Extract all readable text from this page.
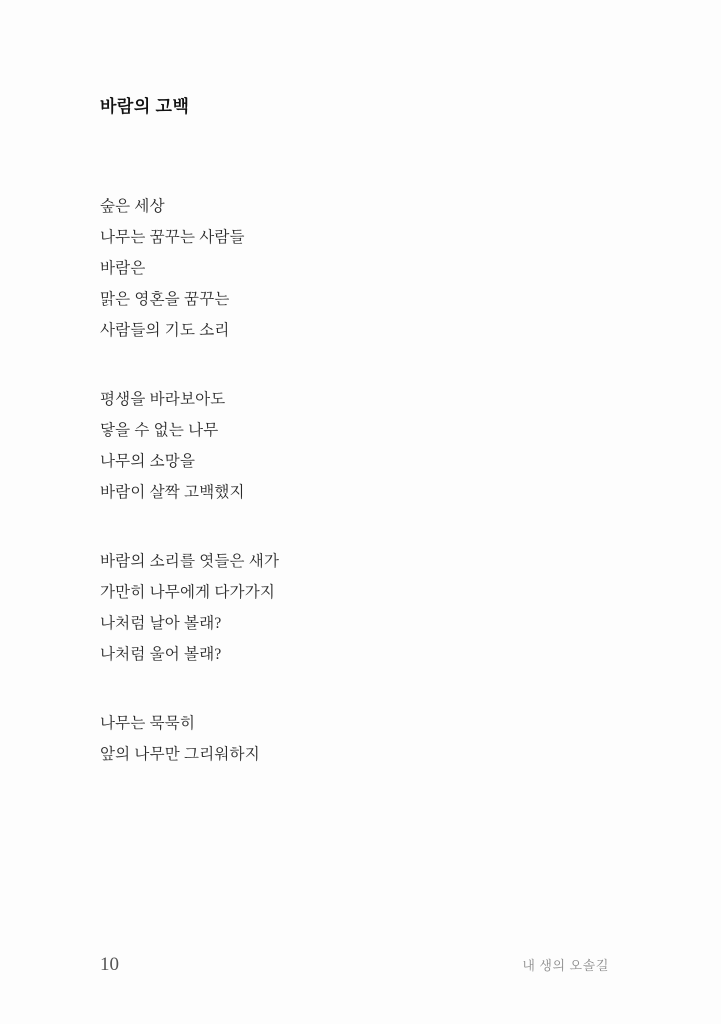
바람의 고백
숲은 세상
나무는 꿈꾸는 사람들
바람은
맑은 영혼을 꿈꾸는
사람들의 기도 소리
평생을 바라보아도
닿을 수 없는 나무
나무의 소망을
바람이 살짝 고백했지
바람의 소리를 엿들은 새가
가만히 나무에게 다가가지
나처럼 날아 볼래?
나처럼 울어 볼래?
나무는 묵묵히
앞의 나무만 그리워하지
10	내 생의 오솔길
